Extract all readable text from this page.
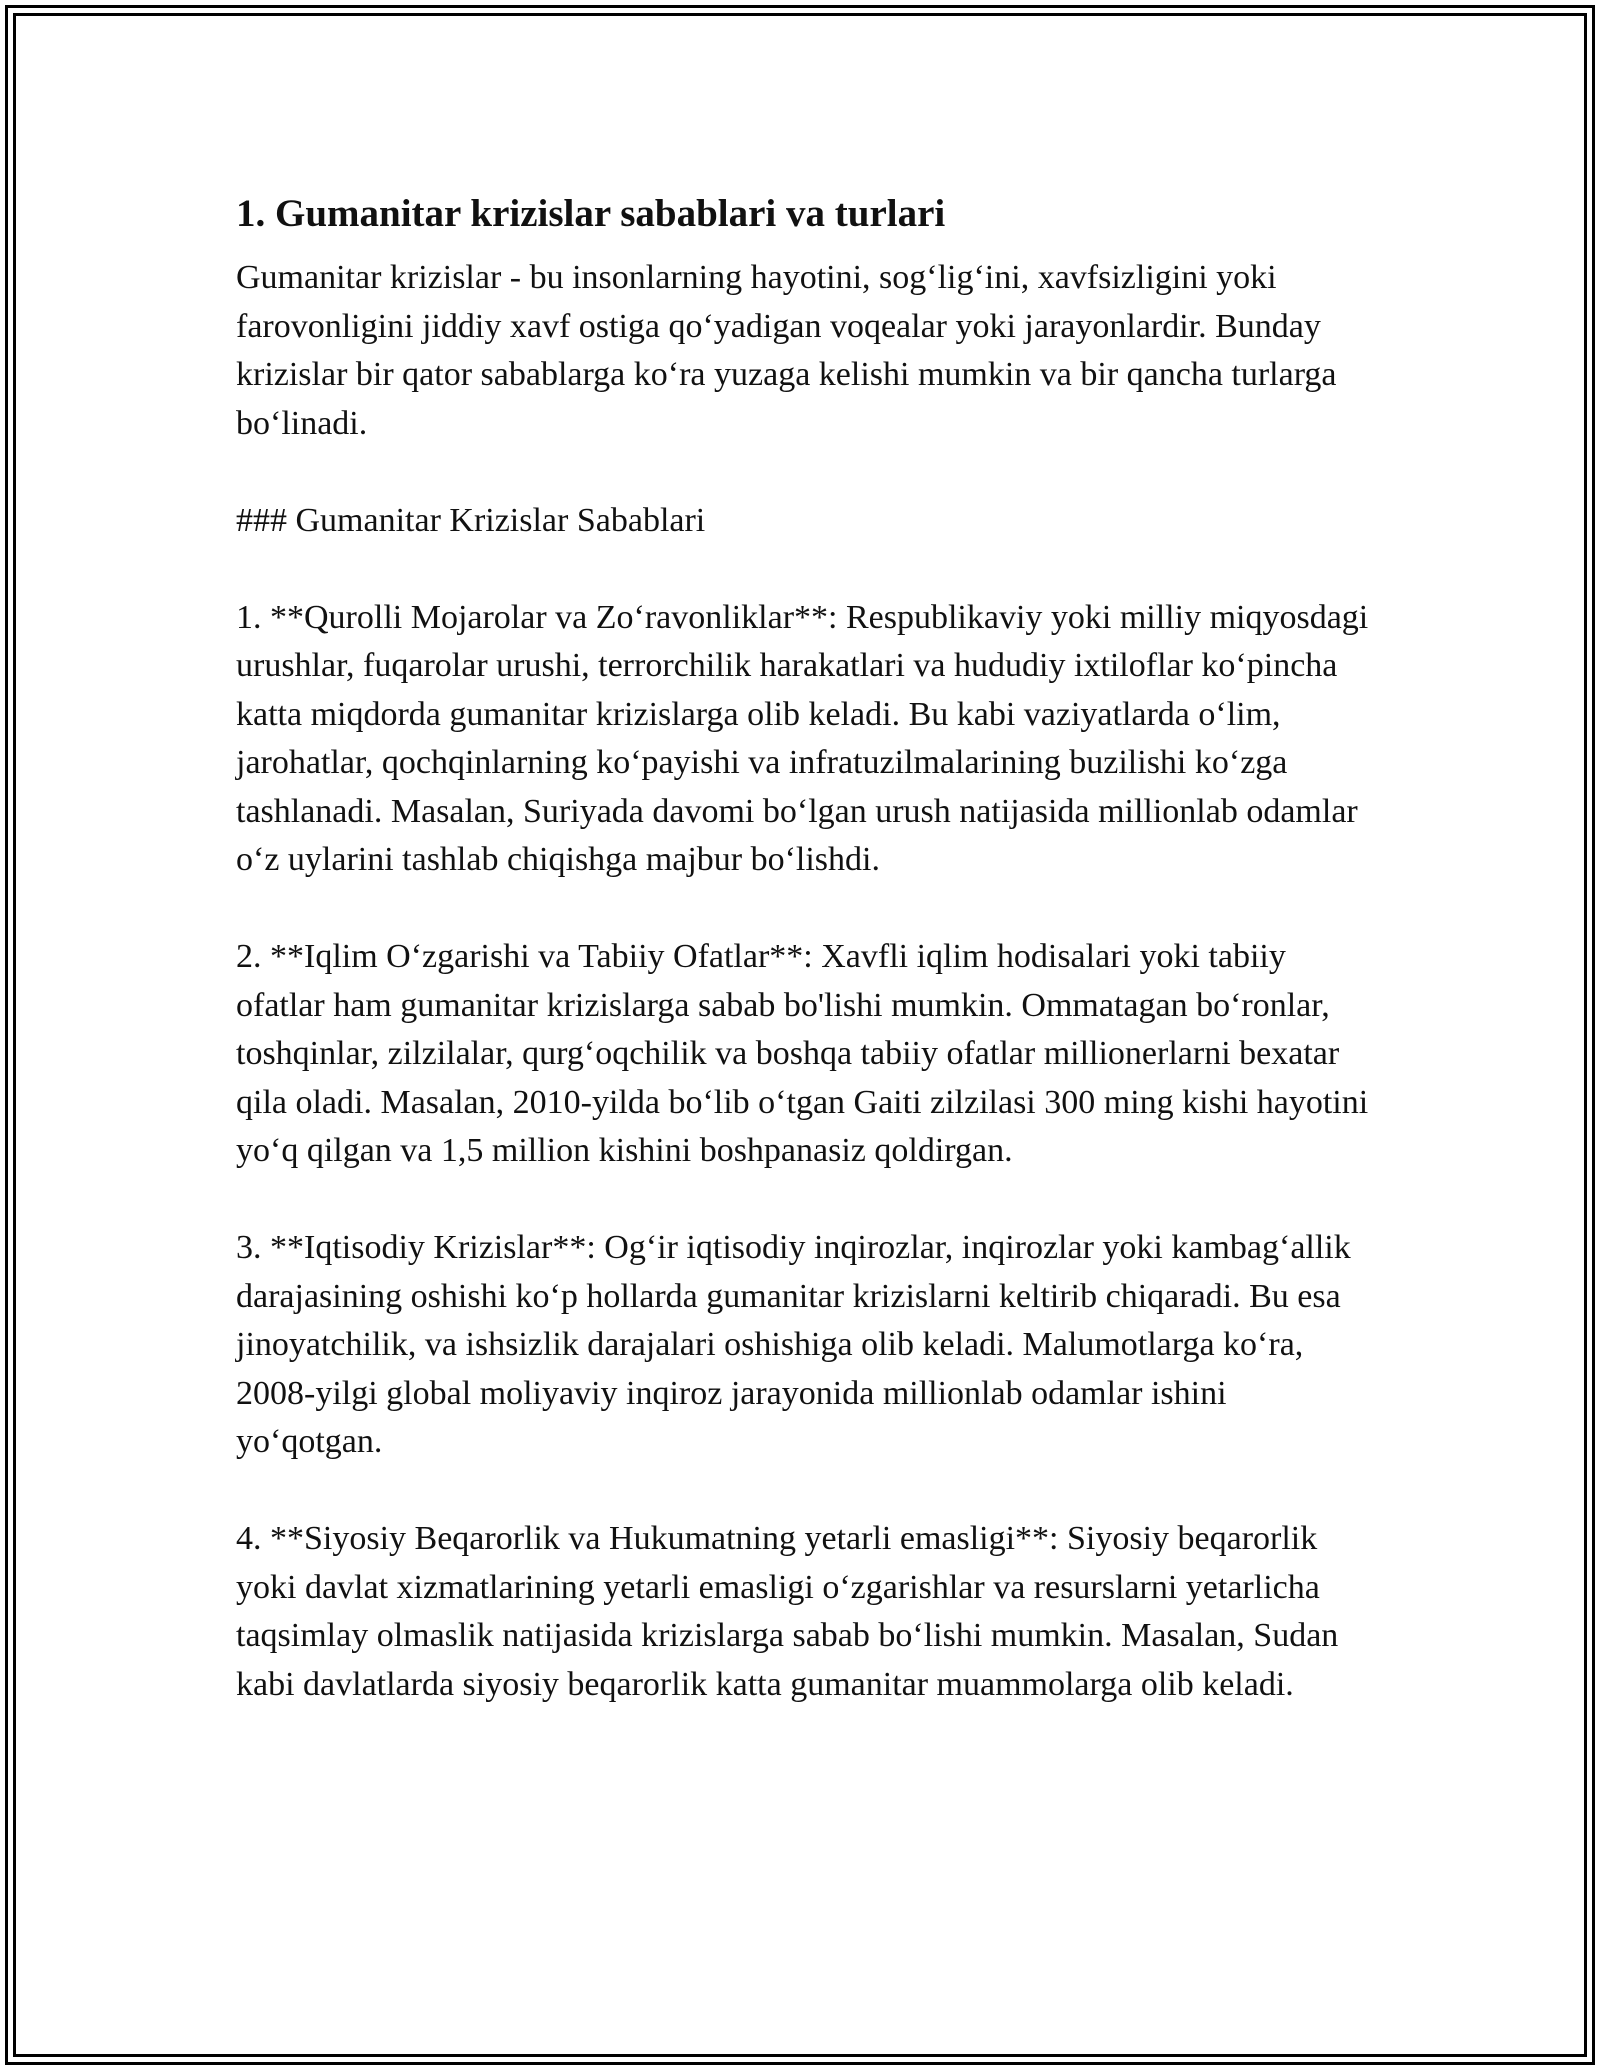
1. Gumanitar krizislar sabablari va turlari

Gumanitar krizislar - bu insonlarning hayotini, sog‘lig‘ini, xavfsizligini yoki farovonligini jiddiy xavf ostiga qo‘yadigan voqealar yoki jarayonlardir. Bunday krizislar bir qator sabablarga ko‘ra yuzaga kelishi mumkin va bir qancha turlarga bo‘linadi.

### Gumanitar Krizislar Sabablari

1. **Qurolli Mojarolar va Zo‘ravonliklar**: Respublikaviy yoki milliy miqyosdagi urushlar, fuqarolar urushi, terrorchilik harakatlari va hududiy ixtiloflar ko‘pincha katta miqdorda gumanitar krizislarga olib keladi. Bu kabi vaziyatlarda o‘lim, jarohatlar, qochqinlarning ko‘payishi va infratuzilmalarining buzilishi ko‘zga tashlanadi. Masalan, Suriyada davomi bo‘lgan urush natijasida millionlab odamlar o‘z uylarini tashlab chiqishga majbur bo‘lishdi.

2. **Iqlim O‘zgarishi va Tabiiy Ofatlar**: Xavfli iqlim hodisalari yoki tabiiy ofatlar ham gumanitar krizislarga sabab bo'lishi mumkin. Ommatagan bo‘ronlar, toshqinlar, zilzilalar, qurg‘oqchilik va boshqa tabiiy ofatlar millionerlarni bexatar qila oladi. Masalan, 2010-yilda bo‘lib o‘tgan Gaiti zilzilasi 300 ming kishi hayotini yo‘q qilgan va 1,5 million kishini boshpanasiz qoldirgan.

3. **Iqtisodiy Krizislar**: Og‘ir iqtisodiy inqirozlar, inqirozlar yoki kambag‘allik darajasining oshishi ko‘p hollarda gumanitar krizislarni keltirib chiqaradi. Bu esa jinoyatchilik, va ishsizlik darajalari oshishiga olib keladi. Malumotlarga ko‘ra, 2008-yilgi global moliyaviy inqiroz jarayonida millionlab odamlar ishini yo‘qotgan.

4. **Siyosiy Beqarorlik va Hukumatning yetarli emasligi**: Siyosiy beqarorlik yoki davlat xizmatlarining yetarli emasligi o‘zgarishlar va resurslarni yetarlicha taqsimlay olmaslik natijasida krizislarga sabab bo‘lishi mumkin. Masalan, Sudan kabi davlatlarda siyosiy beqarorlik katta gumanitar muammolarga olib keladi.
